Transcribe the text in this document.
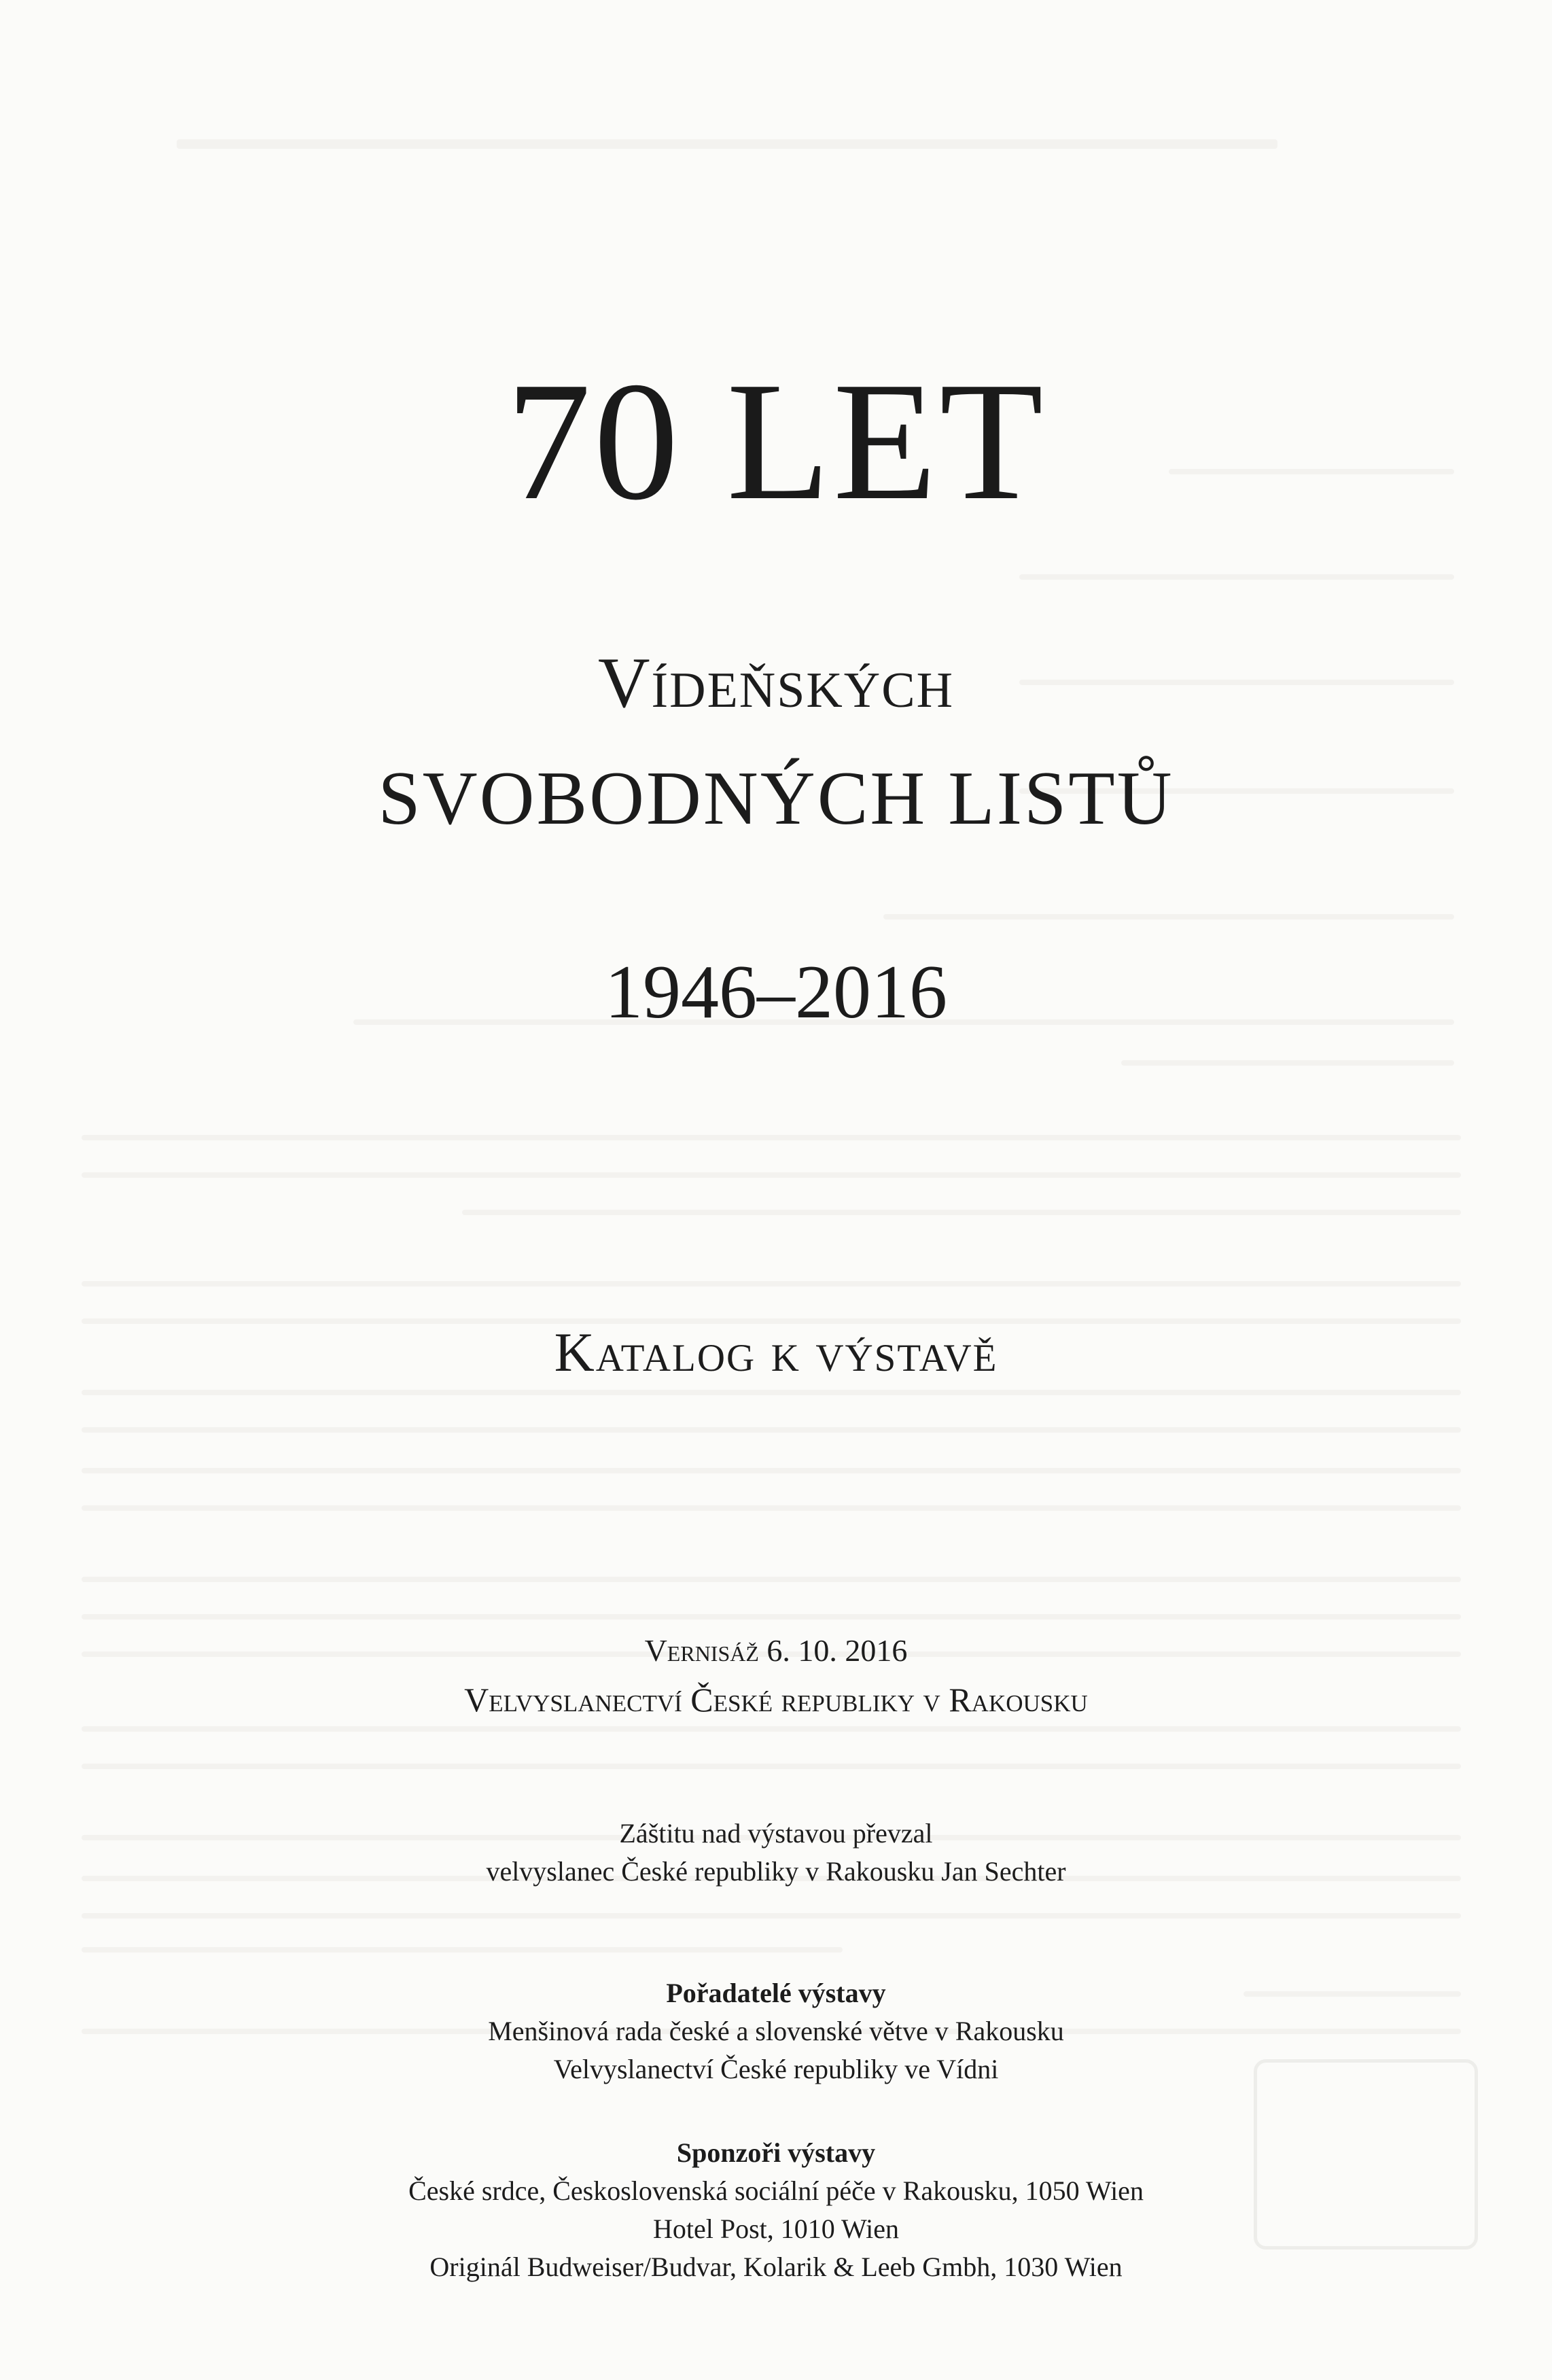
70 LET
Vídeňských
SVOBODNÝCH LISTŮ
1946–2016
Katalog k výstavě
Vernisáž 6. 10. 2016
Velvyslanectví České republiky v Rakousku
Záštitu nad výstavou převzal
velvyslanec České republiky v Rakousku Jan Sechter
Pořadatelé výstavy
Menšinová rada české a slovenské větve v Rakousku
Velvyslanectví České republiky ve Vídni
Sponzoři výstavy
České srdce, Československá sociální péče v Rakousku, 1050 Wien
Hotel Post, 1010 Wien
Originál Budweiser/Budvar, Kolarik & Leeb Gmbh, 1030 Wien
